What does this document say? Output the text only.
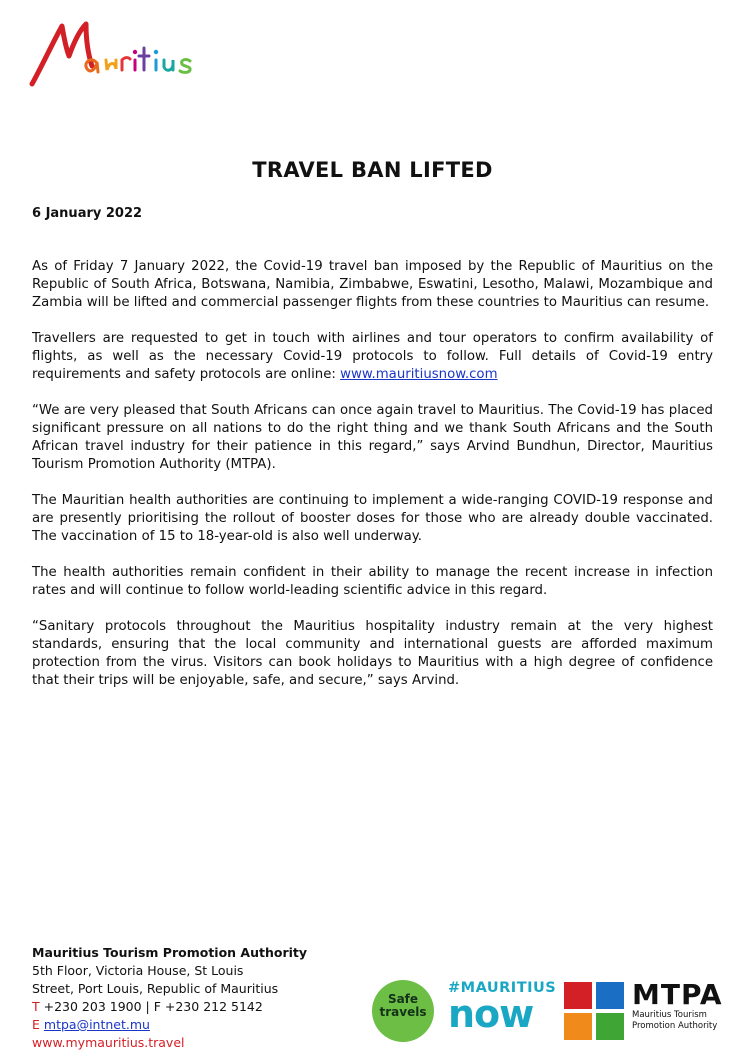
TRAVEL BAN LIFTED
6 January 2022

As of Friday 7 January 2022, the Covid-19 travel ban imposed by the Republic of Mauritius on the Republic of South Africa, Botswana, Namibia, Zimbabwe, Eswatini, Lesotho, Malawi, Mozambique and Zambia will be lifted and commercial passenger flights from these countries to Mauritius can resume.

Travellers are requested to get in touch with airlines and tour operators to confirm availability of flights, as well as the necessary Covid-19 protocols to follow. Full details of Covid-19 entry requirements and safety protocols are online: www.mauritiusnow.com

“We are very pleased that South Africans can once again travel to Mauritius. The Covid-19 has placed significant pressure on all nations to do the right thing and we thank South Africans and the South African travel industry for their patience in this regard,” says Arvind Bundhun, Director, Mauritius Tourism Promotion Authority (MTPA).

The Mauritian health authorities are continuing to implement a wide-ranging COVID-19 response and are presently prioritising the rollout of booster doses for those who are already double vaccinated. The vaccination of 15 to 18-year-old is also well underway.

The health authorities remain confident in their ability to manage the recent increase in infection rates and will continue to follow world-leading scientific advice in this regard.

“Sanitary protocols throughout the Mauritius hospitality industry remain at the very highest standards, ensuring that the local community and international guests are afforded maximum protection from the virus. Visitors can book holidays to Mauritius with a high degree of confidence that their trips will be enjoyable, safe, and secure,” says Arvind.

Mauritius Tourism Promotion Authority
5th Floor, Victoria House, St Louis
Street, Port Louis, Republic of Mauritius
T +230 203 1900 | F +230 212 5142
E mtpa@intnet.mu
www.mymauritius.travel
Safe
travels
#MAURITIUS
now	MTPA
Mauritius Tourism
Promotion Authority
